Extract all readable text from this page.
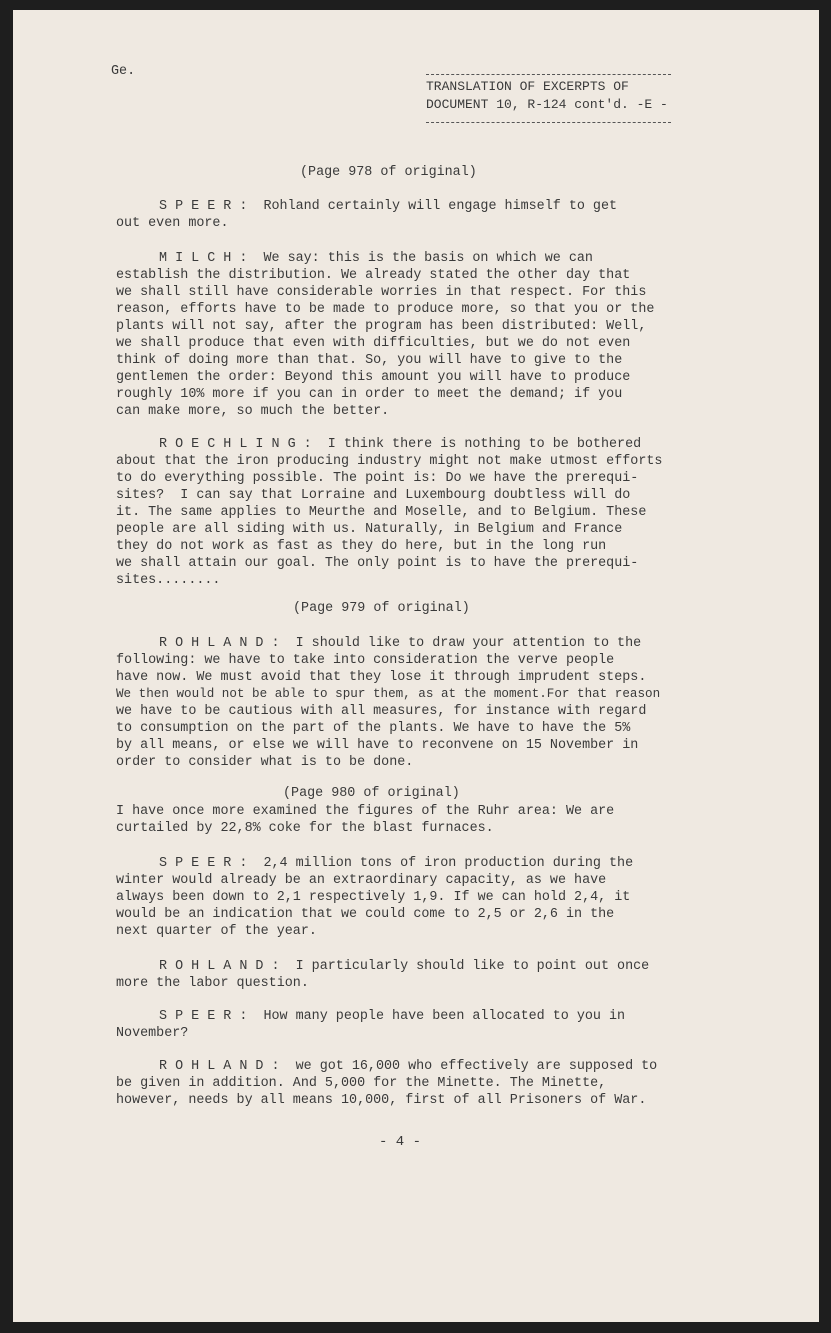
Ge.
TRANSLATION OF EXCERPTS OF
DOCUMENT 10, R-124 cont'd. -E -
(Page 978 of original)
S P E E R :  Rohland certainly will engage himself to get
out even more.
M I L C H :  We say: this is the basis on which we can
establish the distribution. We already stated the other day that
we shall still have considerable worries in that respect. For this
reason, efforts have to be made to produce more, so that you or the
plants will not say, after the program has been distributed: Well,
we shall produce that even with difficulties, but we do not even
think of doing more than that. So, you will have to give to the
gentlemen the order: Beyond this amount you will have to produce
roughly 10% more if you can in order to meet the demand; if you
can make more, so much the better.
R O E C H L I N G :  I think there is nothing to be bothered
about that the iron producing industry might not make utmost efforts
to do everything possible. The point is: Do we have the prerequi-
sites?  I can say that Lorraine and Luxembourg doubtless will do
it. The same applies to Meurthe and Moselle, and to Belgium. These
people are all siding with us. Naturally, in Belgium and France
they do not work as fast as they do here, but in the long run
we shall attain our goal. The only point is to have the prerequi-
sites........
(Page 979 of original)
R O H L A N D :  I should like to draw your attention to the
following: we have to take into consideration the verve people
have now. We must avoid that they lose it through imprudent steps.
We then would not be able to spur them, as at the moment.For that reason
we have to be cautious with all measures, for instance with regard
to consumption on the part of the plants. We have to have the 5%
by all means, or else we will have to reconvene on 15 November in
order to consider what is to be done.
(Page 980 of original)
I have once more examined the figures of the Ruhr area: We are
curtailed by 22,8% coke for the blast furnaces.
S P E E R :  2,4 million tons of iron production during the
winter would already be an extraordinary capacity, as we have
always been down to 2,1 respectively 1,9. If we can hold 2,4, it
would be an indication that we could come to 2,5 or 2,6 in the
next quarter of the year.
R O H L A N D :  I particularly should like to point out once
more the labor question.
S P E E R :  How many people have been allocated to you in
November?
R O H L A N D :  we got 16,000 who effectively are supposed to
be given in addition. And 5,000 for the Minette. The Minette,
however, needs by all means 10,000, first of all Prisoners of War.
- 4 -
